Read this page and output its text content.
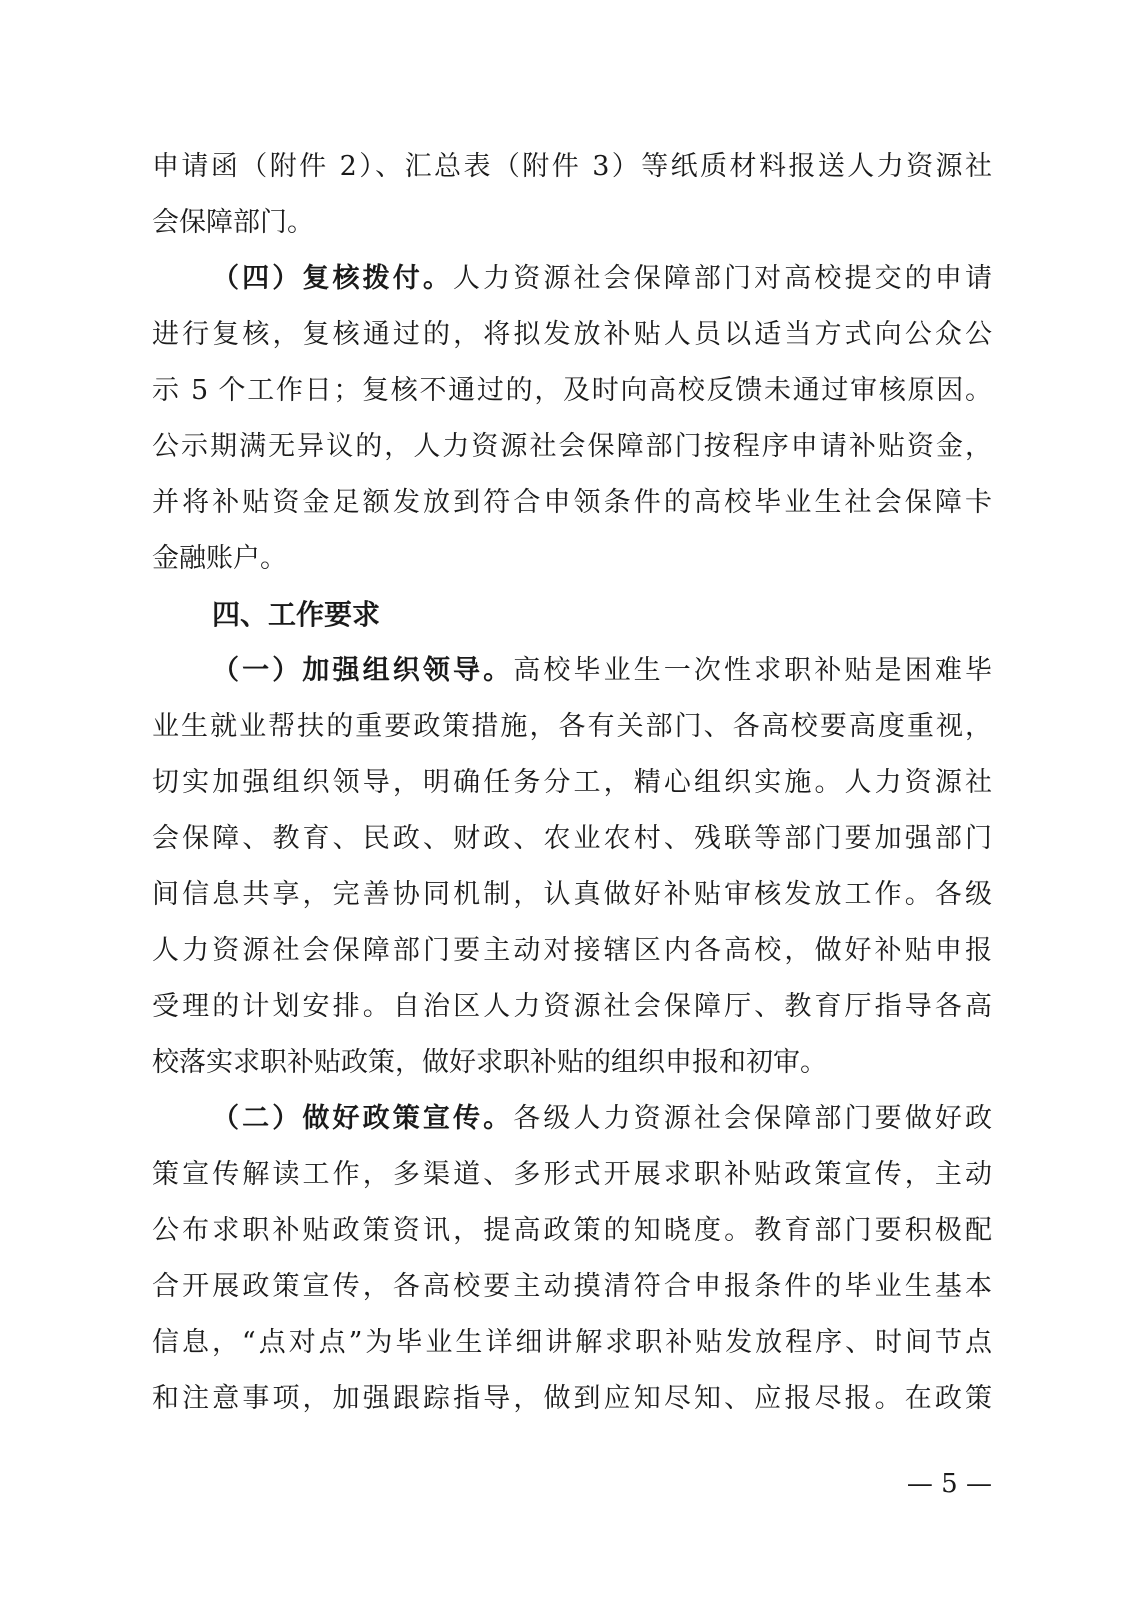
申请函（附件 2）、汇总表（附件 3）等纸质材料报送人力资源社
会保障部门。
（四）复核拨付。人力资源社会保障部门对高校提交的申请
进行复核，复核通过的，将拟发放补贴人员以适当方式向公众公
示 5 个工作日；复核不通过的，及时向高校反馈未通过审核原因。
公示期满无异议的，人力资源社会保障部门按程序申请补贴资金，
并将补贴资金足额发放到符合申领条件的高校毕业生社会保障卡
金融账户。
四、工作要求
（一）加强组织领导。高校毕业生一次性求职补贴是困难毕
业生就业帮扶的重要政策措施，各有关部门、各高校要高度重视，
切实加强组织领导，明确任务分工，精心组织实施。人力资源社
会保障、教育、民政、财政、农业农村、残联等部门要加强部门
间信息共享，完善协同机制，认真做好补贴审核发放工作。各级
人力资源社会保障部门要主动对接辖区内各高校，做好补贴申报
受理的计划安排。自治区人力资源社会保障厅、教育厅指导各高
校落实求职补贴政策，做好求职补贴的组织申报和初审。
（二）做好政策宣传。各级人力资源社会保障部门要做好政
策宣传解读工作，多渠道、多形式开展求职补贴政策宣传，主动
公布求职补贴政策资讯，提高政策的知晓度。教育部门要积极配
合开展政策宣传，各高校要主动摸清符合申报条件的毕业生基本
信息，“点对点”为毕业生详细讲解求职补贴发放程序、时间节点
和注意事项，加强跟踪指导，做到应知尽知、应报尽报。在政策
— 5 —
